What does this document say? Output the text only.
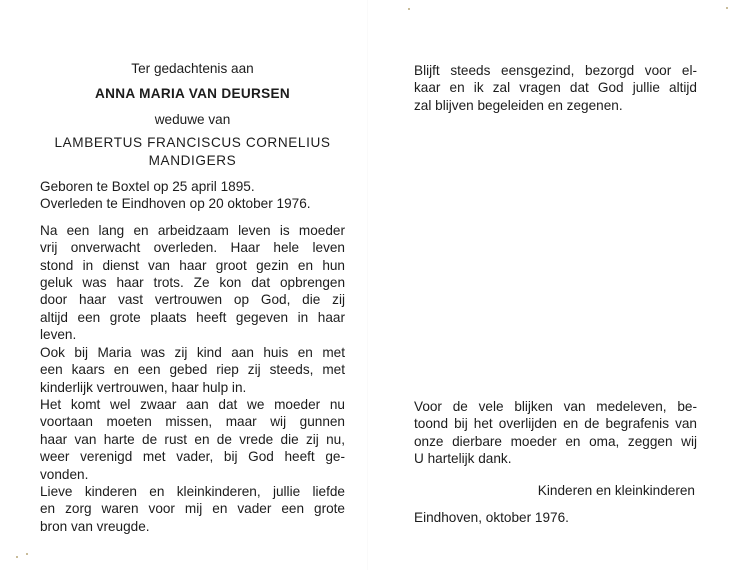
Ter gedachtenis aan
ANNA MARIA VAN DEURSEN
weduwe van
LAMBERTUS FRANCISCUS CORNELIUS
MANDIGERS
Geboren te Boxtel op 25 april 1895.
Overleden te Eindhoven op 20 oktober 1976.
Na een lang en arbeidzaam leven is moeder
vrij onverwacht overleden. Haar hele leven
stond in dienst van haar groot gezin en hun
geluk was haar trots. Ze kon dat opbrengen
door haar vast vertrouwen op God, die zij
altijd een grote plaats heeft gegeven in haar
leven.
Ook bij Maria was zij kind aan huis en met
een kaars en een gebed riep zij steeds, met
kinderlijk vertrouwen, haar hulp in.
Het komt wel zwaar aan dat we moeder nu
voortaan moeten missen, maar wij gunnen
haar van harte de rust en de vrede die zij nu,
weer verenigd met vader, bij God heeft ge-
vonden.
Lieve kinderen en kleinkinderen, jullie liefde
en zorg waren voor mij en vader een grote
bron van vreugde.
Blijft steeds eensgezind, bezorgd voor el-
kaar en ik zal vragen dat God jullie altijd
zal blijven begeleiden en zegenen.
Voor de vele blijken van medeleven, be-
toond bij het overlijden en de begrafenis van
onze dierbare moeder en oma, zeggen wij
U hartelijk dank.
Kinderen en kleinkinderen
Eindhoven, oktober 1976.
